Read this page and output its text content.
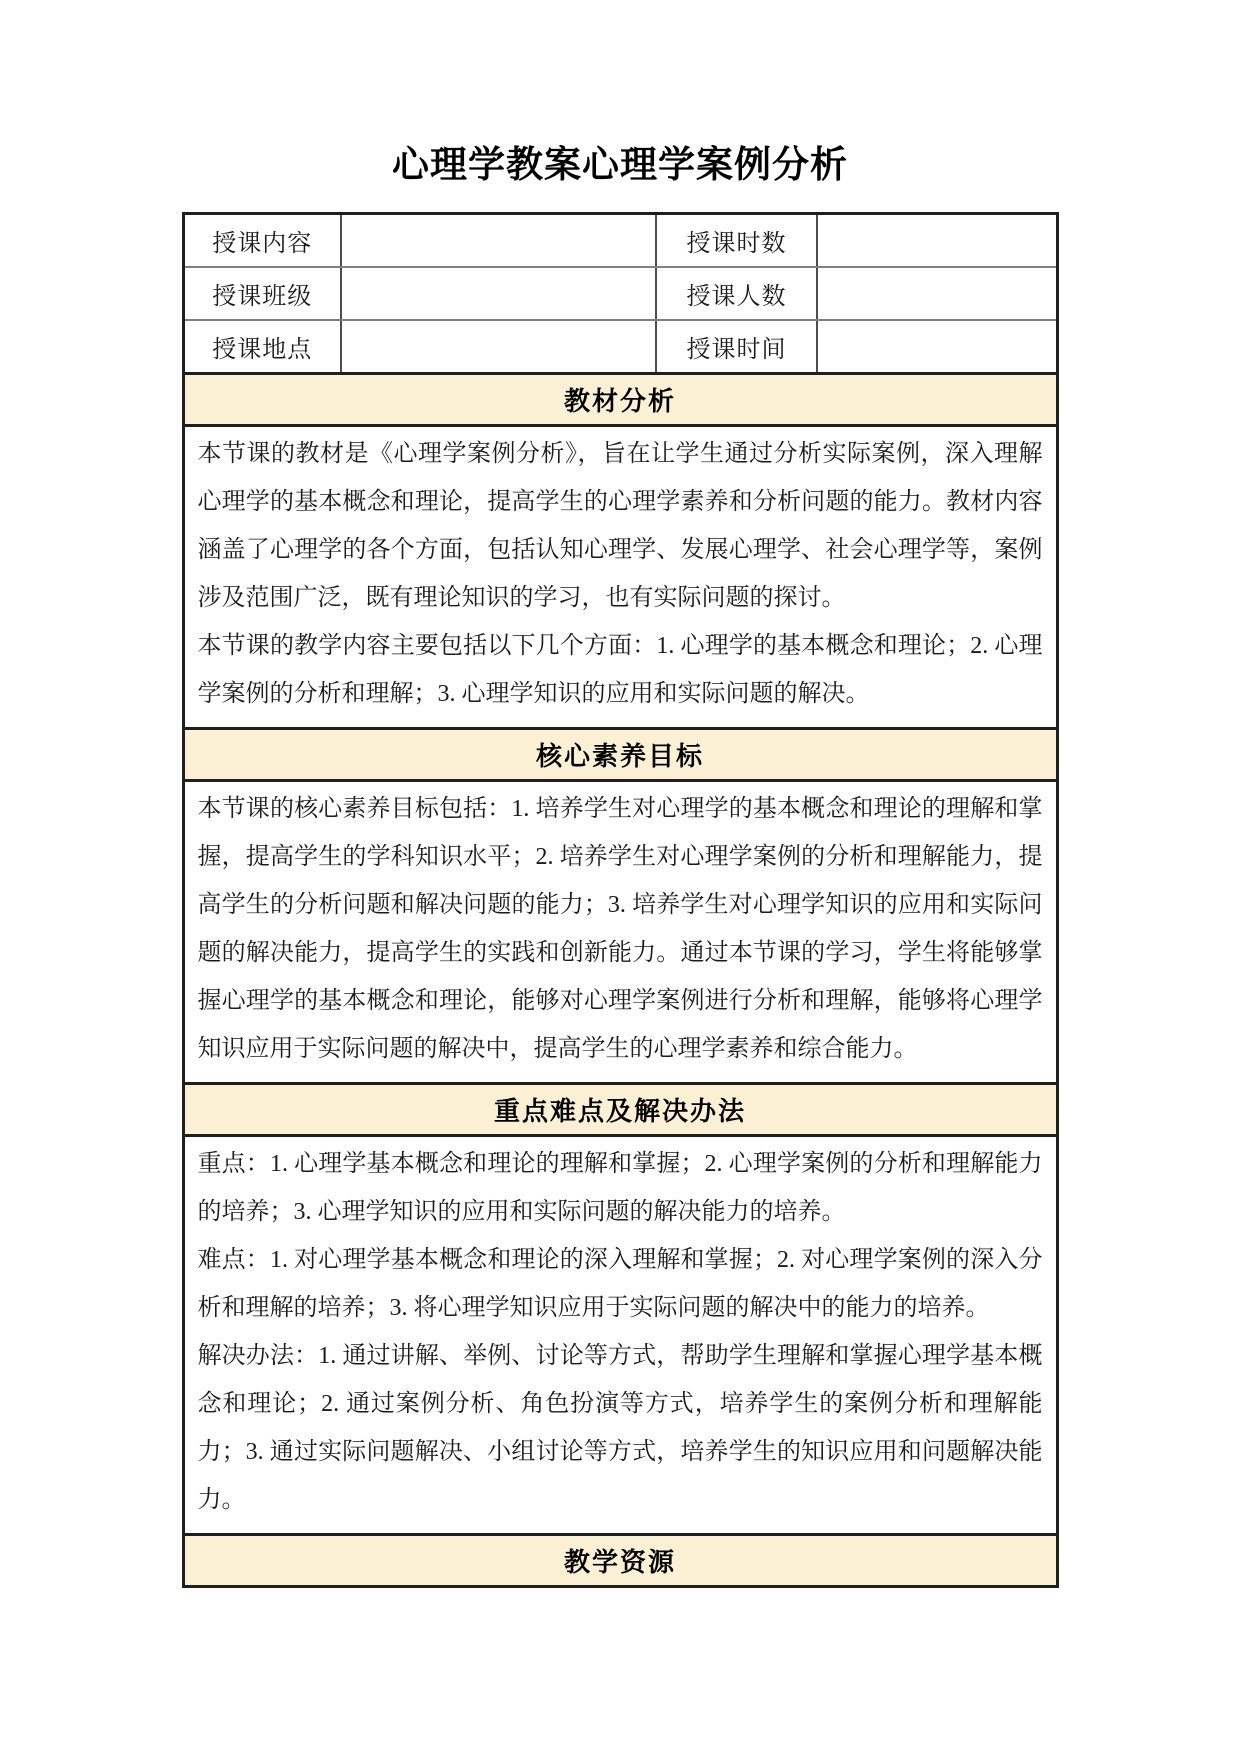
心理学教案心理学案例分析
授课内容		授课时数	
授课班级		授课人数	
授课地点		授课时间	
教材分析			

本节课的教材是《心理学案例分析》，旨在让学生通过分析实际案例，深入理解心理学的基本概念和理论，提高学生的心理学素养和分析问题的能力。教材内容涵盖了心理学的各个方面，包括认知心理学、发展心理学、社会心理学等，案例涉及范围广泛，既有理论知识的学习，也有实际问题的探讨。

本节课的教学内容主要包括以下几个方面：1. 心理学的基本概念和理论；2. 心理学案例的分析和理解；3. 心理学知识的应用和实际问题的解决。			

核心素养目标			

本节课的核心素养目标包括：1. 培养学生对心理学的基本概念和理论的理解和掌握，提高学生的学科知识水平；2. 培养学生对心理学案例的分析和理解能力，提高学生的分析问题和解决问题的能力；3. 培养学生对心理学知识的应用和实际问题的解决能力，提高学生的实践和创新能力。通过本节课的学习，学生将能够掌握心理学的基本概念和理论，能够对心理学案例进行分析和理解，能够将心理学知识应用于实际问题的解决中，提高学生的心理学素养和综合能力。			

重点难点及解决办法			

重点：1. 心理学基本概念和理论的理解和掌握；2. 心理学案例的分析和理解能力的培养；3. 心理学知识的应用和实际问题的解决能力的培养。

难点：1. 对心理学基本概念和理论的深入理解和掌握；2. 对心理学案例的深入分析和理解的培养；3. 将心理学知识应用于实际问题的解决中的能力的培养。

解决办法：1. 通过讲解、举例、讨论等方式，帮助学生理解和掌握心理学基本概念和理论；2. 通过案例分析、角色扮演等方式，培养学生的案例分析和理解能力；3. 通过实际问题解决、小组讨论等方式，培养学生的知识应用和问题解决能力。			

教学资源			
